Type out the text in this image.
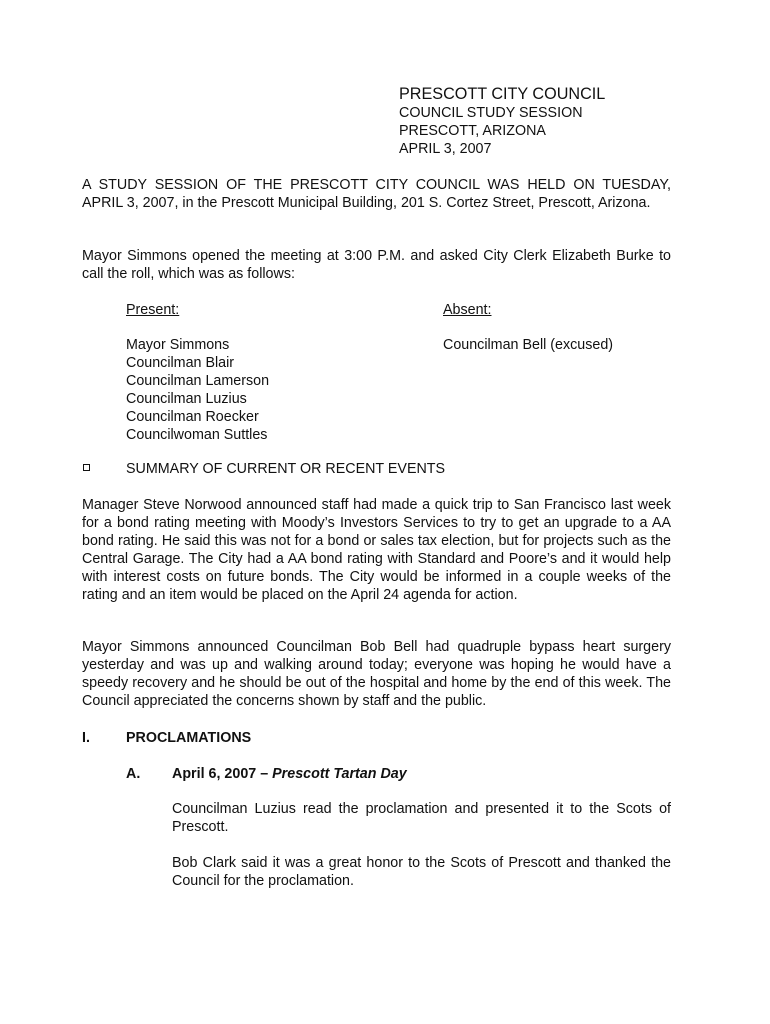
PRESCOTT CITY COUNCIL
COUNCIL STUDY SESSION
PRESCOTT, ARIZONA
APRIL 3, 2007
A STUDY SESSION OF THE PRESCOTT CITY COUNCIL WAS HELD ON TUESDAY, APRIL 3, 2007, in the Prescott Municipal Building, 201 S. Cortez Street, Prescott, Arizona.
Mayor Simmons opened the meeting at 3:00 P.M. and asked City Clerk Elizabeth Burke to call the roll, which was as follows:
Present:	Absent:
Mayor Simmons
Councilman Blair
Councilman Lamerson
Councilman Luzius
Councilman Roecker
Councilwoman Suttles
Councilman Bell (excused)
SUMMARY OF CURRENT OR RECENT EVENTS
Manager Steve Norwood announced staff had made a quick trip to San Francisco last week for a bond rating meeting with Moody’s Investors Services to try to get an upgrade to a AA bond rating. He said this was not for a bond or sales tax election, but for projects such as the Central Garage. The City had a AA bond rating with Standard and Poore’s and it would help with interest costs on future bonds. The City would be informed in a couple weeks of the rating and an item would be placed on the April 24 agenda for action.
Mayor Simmons announced Councilman Bob Bell had quadruple bypass heart surgery yesterday and was up and walking around today; everyone was hoping he would have a speedy recovery and he should be out of the hospital and home by the end of this week. The Council appreciated the concerns shown by staff and the public.
I.	PROCLAMATIONS
A. April 6, 2007 – Prescott Tartan Day
Councilman Luzius read the proclamation and presented it to the Scots of Prescott.
Bob Clark said it was a great honor to the Scots of Prescott and thanked the Council for the proclamation.
